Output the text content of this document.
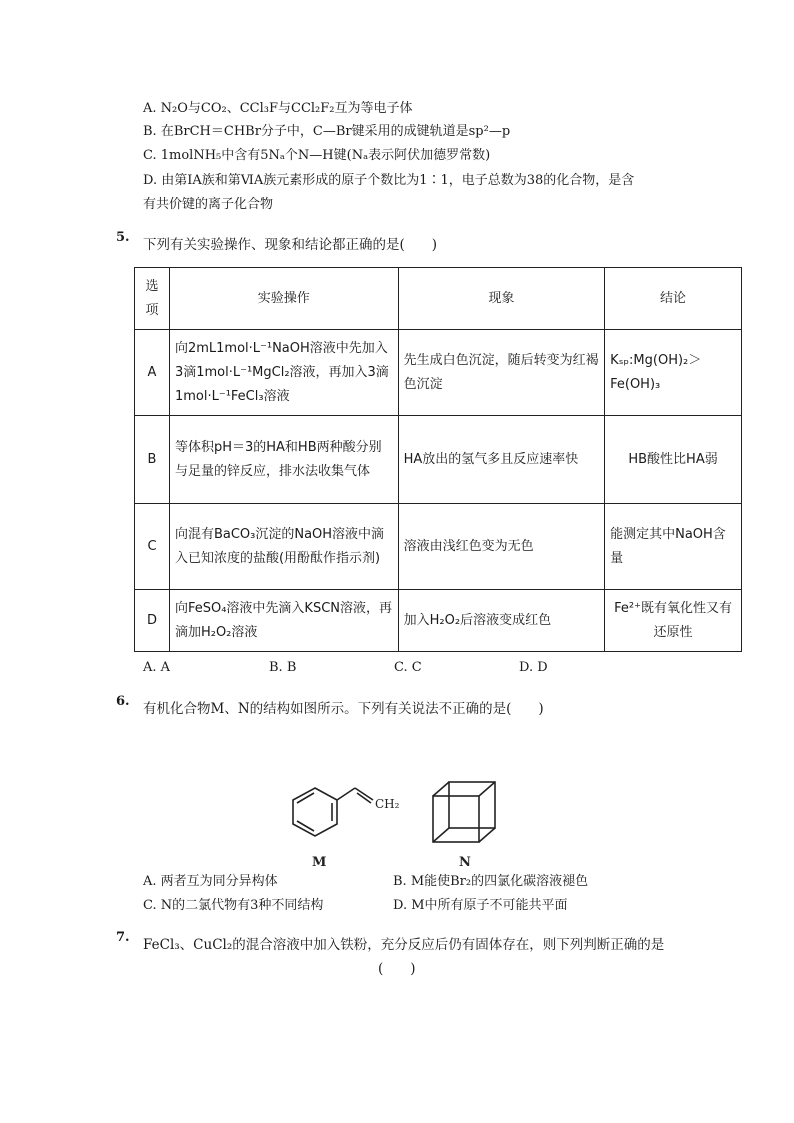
A. N₂O与CO₂、CCl₃F与CCl₂F₂互为等电子体
B. 在BrCH＝CHBr分子中，C—Br键采用的成键轨道是sp²—p
C. 1molNH₅中含有5Nₐ个N—H键(Nₐ表示阿伏加德罗常数)
D. 由第ⅠA族和第ⅥA族元素形成的原子个数比为1∶1，电子总数为38的化合物，是含
有共价键的离子化合物
5. 下列有关实验操作、现象和结论都正确的是(　　)
选项	实验操作	现象	结论
A	向2mL1mol·L⁻¹NaOH溶液中先加入3滴1mol·L⁻¹MgCl₂溶液，再加入3滴　1mol·L⁻¹FeCl₃溶液	先生成白色沉淀，随后转变为红褐色沉淀	Kₛₚ:Mg(OH)₂＞Fe(OH)₃
B	等体积pH＝3的HA和HB两种酸分别与足量的锌反应，排水法收集气体	HA放出的氢气多且反应速率快	HB酸性比HA弱
C	向混有BaCO₃沉淀的NaOH溶液中滴入已知浓度的盐酸(用酚酞作指示剂)	溶液由浅红色变为无色	能测定其中NaOH含量
D	向FeSO₄溶液中先滴入KSCN溶液，再滴加H₂O₂溶液	加入H₂O₂后溶液变成红色	Fe²⁺既有氧化性又有还原性
A. A	B. B	C. C	D. D
6. 有机化合物M、N的结构如图所示。下列有关说法不正确的是(　　)
CH₂
M	N
A. 两者互为同分异构体	B. M能使Br₂的四氯化碳溶液褪色
C. N的二氯代物有3种不同结构	D. M中所有原子不可能共平面
7. FeCl₃、CuCl₂的混合溶液中加入铁粉，充分反应后仍有固体存在，则下列判断正确的是
(　　)
